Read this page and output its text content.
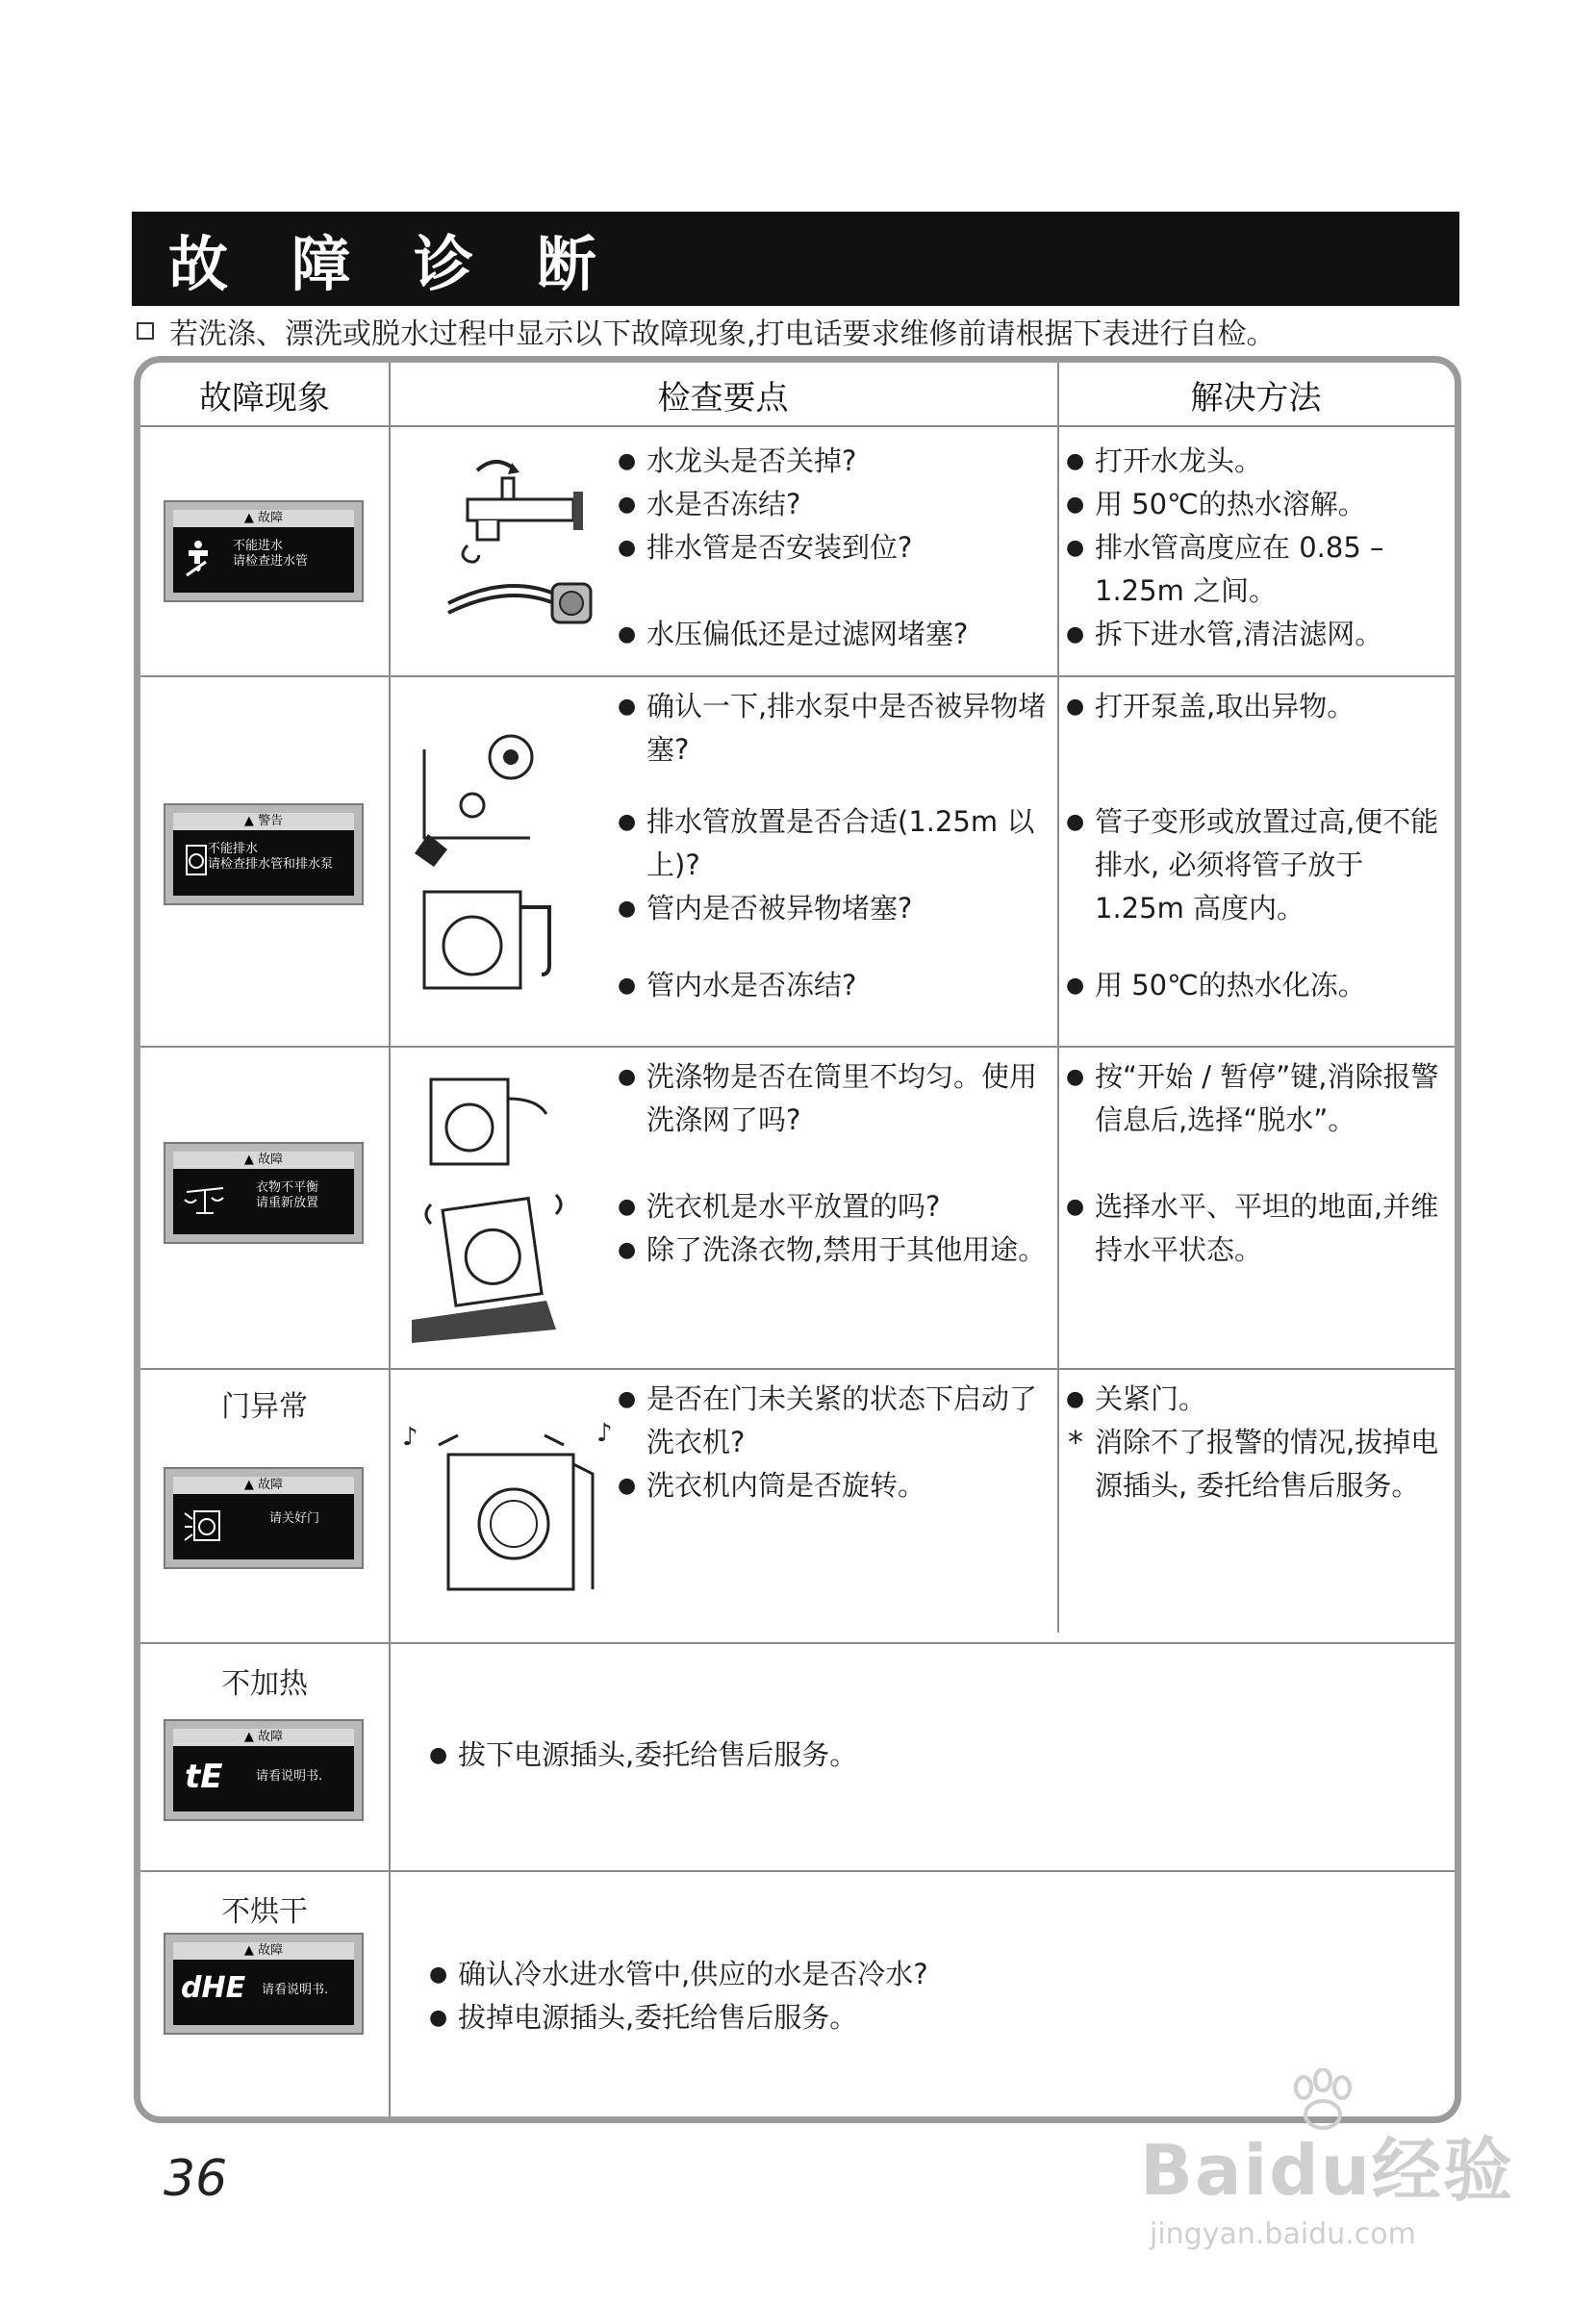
故 障 诊 断
若洗涤、漂洗或脱水过程中显示以下故障现象,打电话要求维修前请根据下表进行自检。
故障现象	检查要点	解决方法
▲ 故障
不能进水
请检查进水管
● 水龙头是否关掉?
● 水是否冻结?
● 排水管是否安装到位?
● 水压偏低还是过滤网堵塞?
● 打开水龙头。
● 用 50℃的热水溶解。
● 排水管高度应在 0.85 – 1.25m 之间。
● 拆下进水管,清洁滤网。
▲ 警告
不能排水
请检查排水管和排水泵
● 确认一下,排水泵中是否被异物堵塞?
● 排水管放置是否合适(1.25m 以上)?
● 管内是否被异物堵塞?
● 管内水是否冻结?
● 打开泵盖,取出异物。
● 管子变形或放置过高,便不能排水, 必须将管子放于 1.25m 高度内。
● 用 50℃的热水化冻。
▲ 故障
衣物不平衡
请重新放置
● 洗涤物是否在筒里不均匀。使用洗涤网了吗?
● 洗衣机是水平放置的吗?
● 除了洗涤衣物,禁用于其他用途。
● 按“开始 / 暂停”键,消除报警信息后,选择“脱水”。
● 选择水平、平坦的地面,并维持水平状态。
门异常
▲ 故障
请关好门
♪	♪
● 是否在门未关紧的状态下启动了洗衣机?
● 洗衣机内筒是否旋转。
● 关紧门。
* 消除不了报警的情况,拔掉电源插头, 委托给售后服务。
不加热
▲ 故障
tE	请看说明书.
● 拔下电源插头,委托给售后服务。
不烘干
▲ 故障
dHE 请看说明书.
●	确认冷水进水管中,供应的水是否冷水?
● 拔掉电源插头,委托给售后服务。
36	Baidu经验
jingyan.baidu.com
